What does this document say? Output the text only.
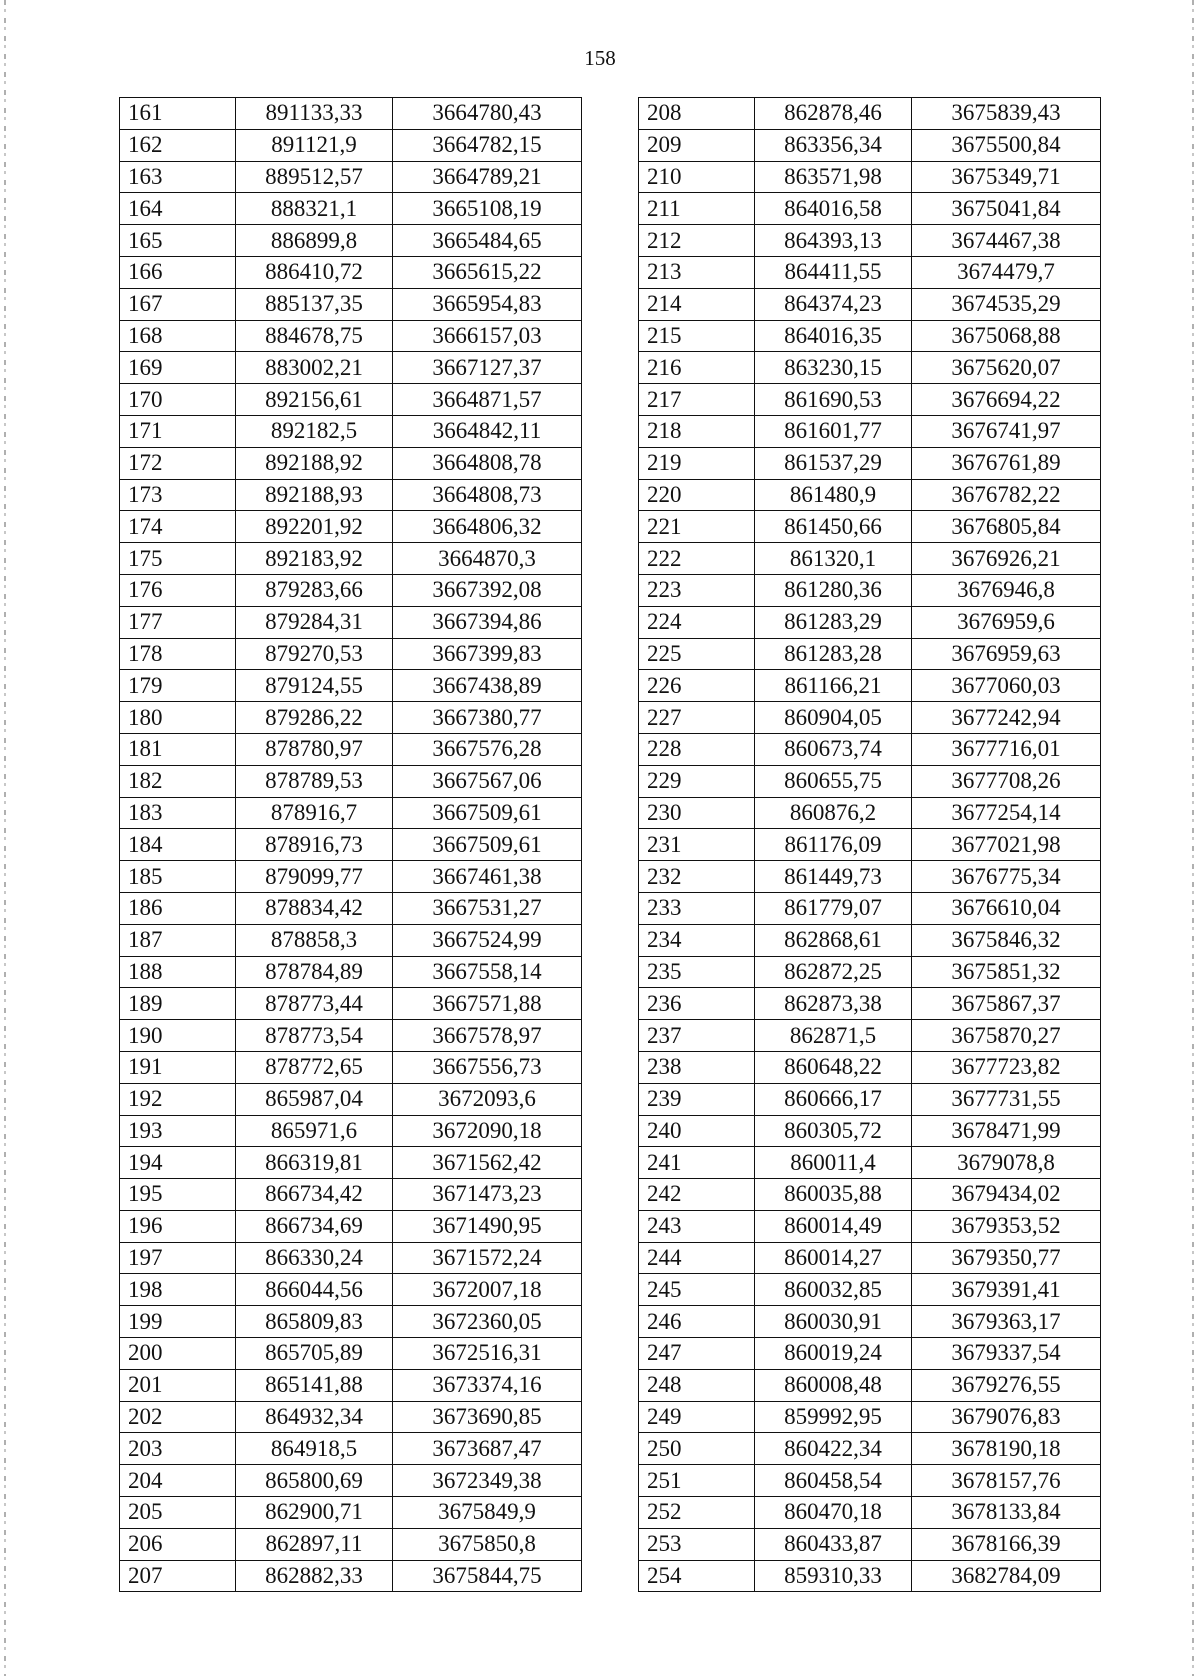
158
161	891133,33	3664780,43
162	891121,9	3664782,15
163	889512,57	3664789,21
164	888321,1	3665108,19
165	886899,8	3665484,65
166	886410,72	3665615,22
167	885137,35	3665954,83
168	884678,75	3666157,03
169	883002,21	3667127,37
170	892156,61	3664871,57
171	892182,5	3664842,11
172	892188,92	3664808,78
173	892188,93	3664808,73
174	892201,92	3664806,32
175	892183,92	3664870,3
176	879283,66	3667392,08
177	879284,31	3667394,86
178	879270,53	3667399,83
179	879124,55	3667438,89
180	879286,22	3667380,77
181	878780,97	3667576,28
182	878789,53	3667567,06
183	878916,7	3667509,61
184	878916,73	3667509,61
185	879099,77	3667461,38
186	878834,42	3667531,27
187	878858,3	3667524,99
188	878784,89	3667558,14
189	878773,44	3667571,88
190	878773,54	3667578,97
191	878772,65	3667556,73
192	865987,04	3672093,6
193	865971,6	3672090,18
194	866319,81	3671562,42
195	866734,42	3671473,23
196	866734,69	3671490,95
197	866330,24	3671572,24
198	866044,56	3672007,18
199	865809,83	3672360,05
200	865705,89	3672516,31
201	865141,88	3673374,16
202	864932,34	3673690,85
203	864918,5	3673687,47
204	865800,69	3672349,38
205	862900,71	3675849,9
206	862897,11	3675850,8
207	862882,33	3675844,75
208	862878,46	3675839,43
209	863356,34	3675500,84
210	863571,98	3675349,71
211	864016,58	3675041,84
212	864393,13	3674467,38
213	864411,55	3674479,7
214	864374,23	3674535,29
215	864016,35	3675068,88
216	863230,15	3675620,07
217	861690,53	3676694,22
218	861601,77	3676741,97
219	861537,29	3676761,89
220	861480,9	3676782,22
221	861450,66	3676805,84
222	861320,1	3676926,21
223	861280,36	3676946,8
224	861283,29	3676959,6
225	861283,28	3676959,63
226	861166,21	3677060,03
227	860904,05	3677242,94
228	860673,74	3677716,01
229	860655,75	3677708,26
230	860876,2	3677254,14
231	861176,09	3677021,98
232	861449,73	3676775,34
233	861779,07	3676610,04
234	862868,61	3675846,32
235	862872,25	3675851,32
236	862873,38	3675867,37
237	862871,5	3675870,27
238	860648,22	3677723,82
239	860666,17	3677731,55
240	860305,72	3678471,99
241	860011,4	3679078,8
242	860035,88	3679434,02
243	860014,49	3679353,52
244	860014,27	3679350,77
245	860032,85	3679391,41
246	860030,91	3679363,17
247	860019,24	3679337,54
248	860008,48	3679276,55
249	859992,95	3679076,83
250	860422,34	3678190,18
251	860458,54	3678157,76
252	860470,18	3678133,84
253	860433,87	3678166,39
254	859310,33	3682784,09
